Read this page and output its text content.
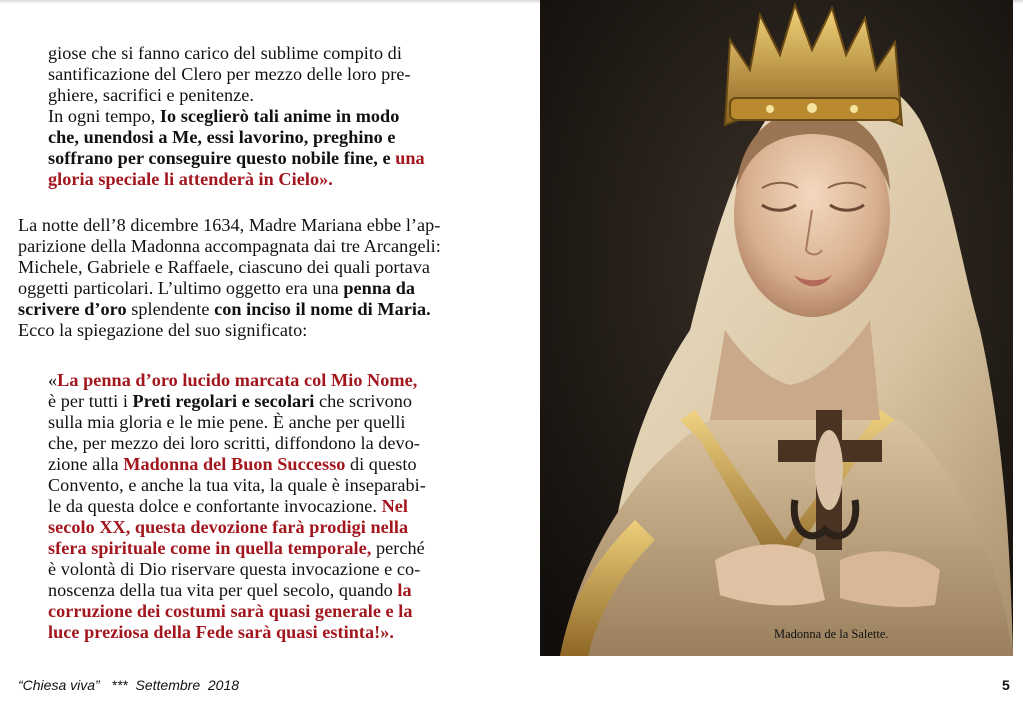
giose che si fanno carico del sublime compito di
santificazione del Clero per mezzo delle loro pre-
ghiere, sacrifici e penitenze.
In ogni tempo, Io sceglierò tali anime in modo
che, unendosi a Me, essi lavorino, preghino e
soffrano per conseguire questo nobile fine, e una
gloria speciale li attenderà in Cielo».

La notte dell’8 dicembre 1634, Madre Mariana ebbe l’ap-
parizione della Madonna accompagnata dai tre Arcangeli:
Michele, Gabriele e Raffaele, ciascuno dei quali portava
oggetti particolari. L’ultimo oggetto era una penna da
scrivere d’oro splendente con inciso il nome di Maria.
Ecco la spiegazione del suo significato:

«La penna d’oro lucido marcata col Mio Nome,
è per tutti i Preti regolari e secolari che scrivono
sulla mia gloria e le mie pene. È anche per quelli
che, per mezzo dei loro scritti, diffondono la devo-
zione alla Madonna del Buon Successo di questo
Convento, e anche la tua vita, la quale è inseparabi-
le da questa dolce e confortante invocazione. Nel
secolo XX, questa devozione farà prodigi nella
sfera spirituale come in quella temporale, perché
è volontà di Dio riservare questa invocazione e co-
noscenza della tua vita per quel secolo, quando la
corruzione dei costumi sarà quasi generale e la
luce preziosa della Fede sarà quasi estinta!».	Madonna de la Salette.
“Chiesa viva” *** Settembre  2018	5
